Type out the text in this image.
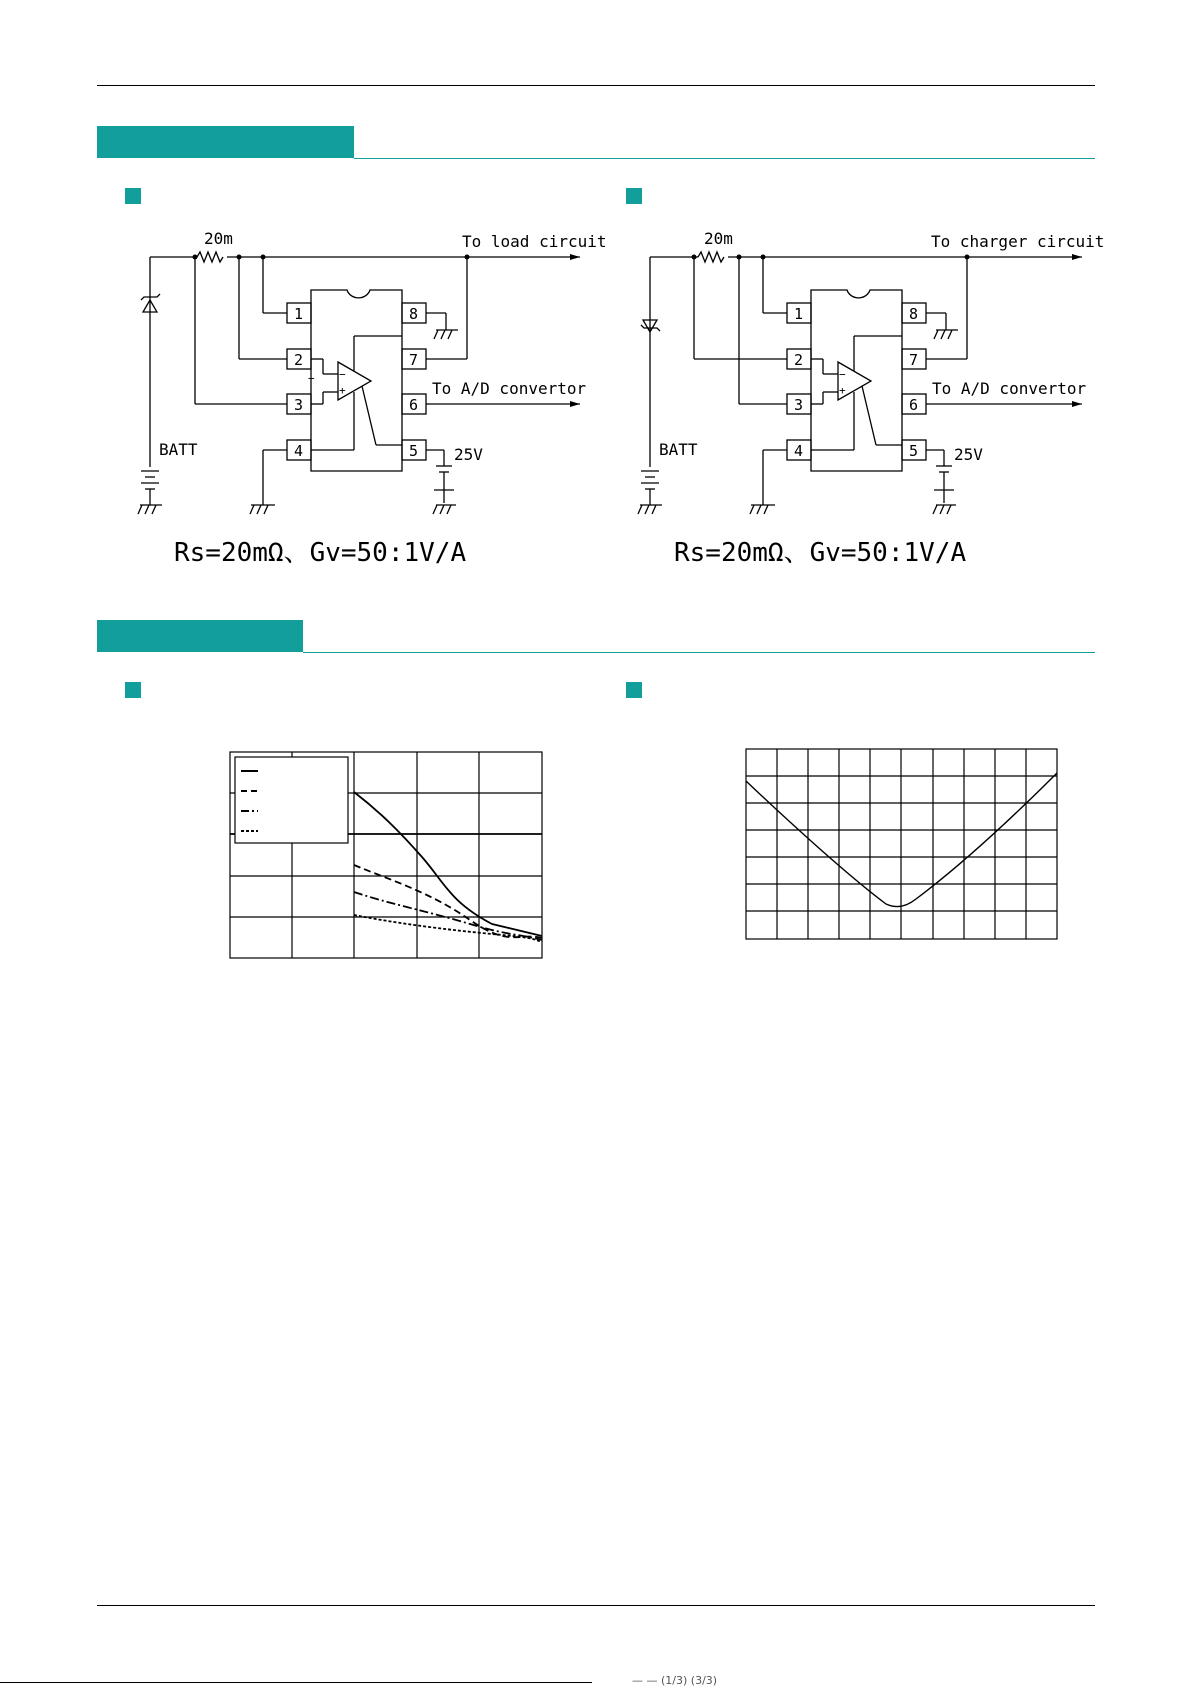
−
+
−
20m	To load circuit
To A/D convertor
BATT	25V
1
2
3
4	5
6
7
8
Rs=20mΩ、Gv=50:1V/A
+
−
20m	To charger circuit
To A/D convertor
BATT	25V
1
2
3
4	5
6
7
8
Rs=20mΩ、Gv=50:1V/A
— — (1/3) (3/3)
